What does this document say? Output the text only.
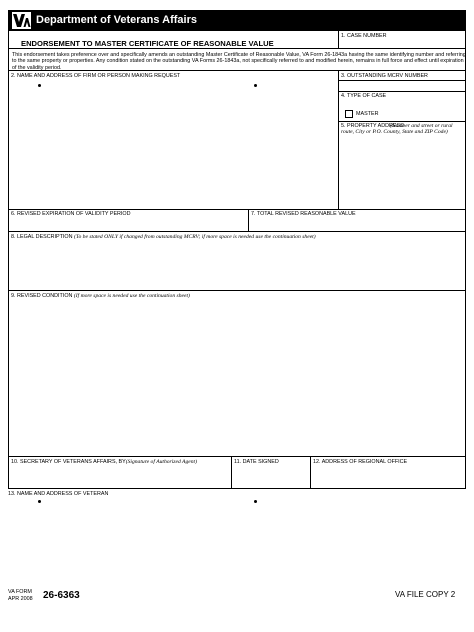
Department of Veterans Affairs
ENDORSEMENT TO MASTER CERTIFICATE OF REASONABLE VALUE
1. CASE NUMBER
This endorsement takes preference over and specifically amends an outstanding Master Certificate of Reasonable Value, VA Form 26-1843a having the same identifying number and referring to the same property or properties. Any condition stated on the outstanding VA Forms 26-1843a, not specifically referred to and modified herein, remains in full force and effect until expiration of the validity period.
2. NAME AND ADDRESS OF FIRM OR PERSON MAKING REQUEST	3. OUTSTANDING MCRV NUMBER
4. TYPE OF CASE
MASTER
5. PROPERTY ADDRESS
(Number and street or rural route, City or P.O. County, State and ZIP Code)
6. REVISED EXPIRATION OF VALIDITY PERIOD	7. TOTAL REVISED REASONABLE VALUE
8. LEGAL DESCRIPTION (To be stated ONLY if changed from outstanding MCRV; if more space is needed use the continuation sheet)
9. REVISED CONDITION (If more space is needed use the continuation sheet)
10. SECRETARY OF VETERANS AFFAIRS, BY(Signature of Authorized Agent)	11. DATE SIGNED	12. ADDRESS OF REGIONAL OFFICE
13. NAME AND ADDRESS OF VETERAN
VA FORM
APR 2008 26-6363	VA FILE COPY 2
